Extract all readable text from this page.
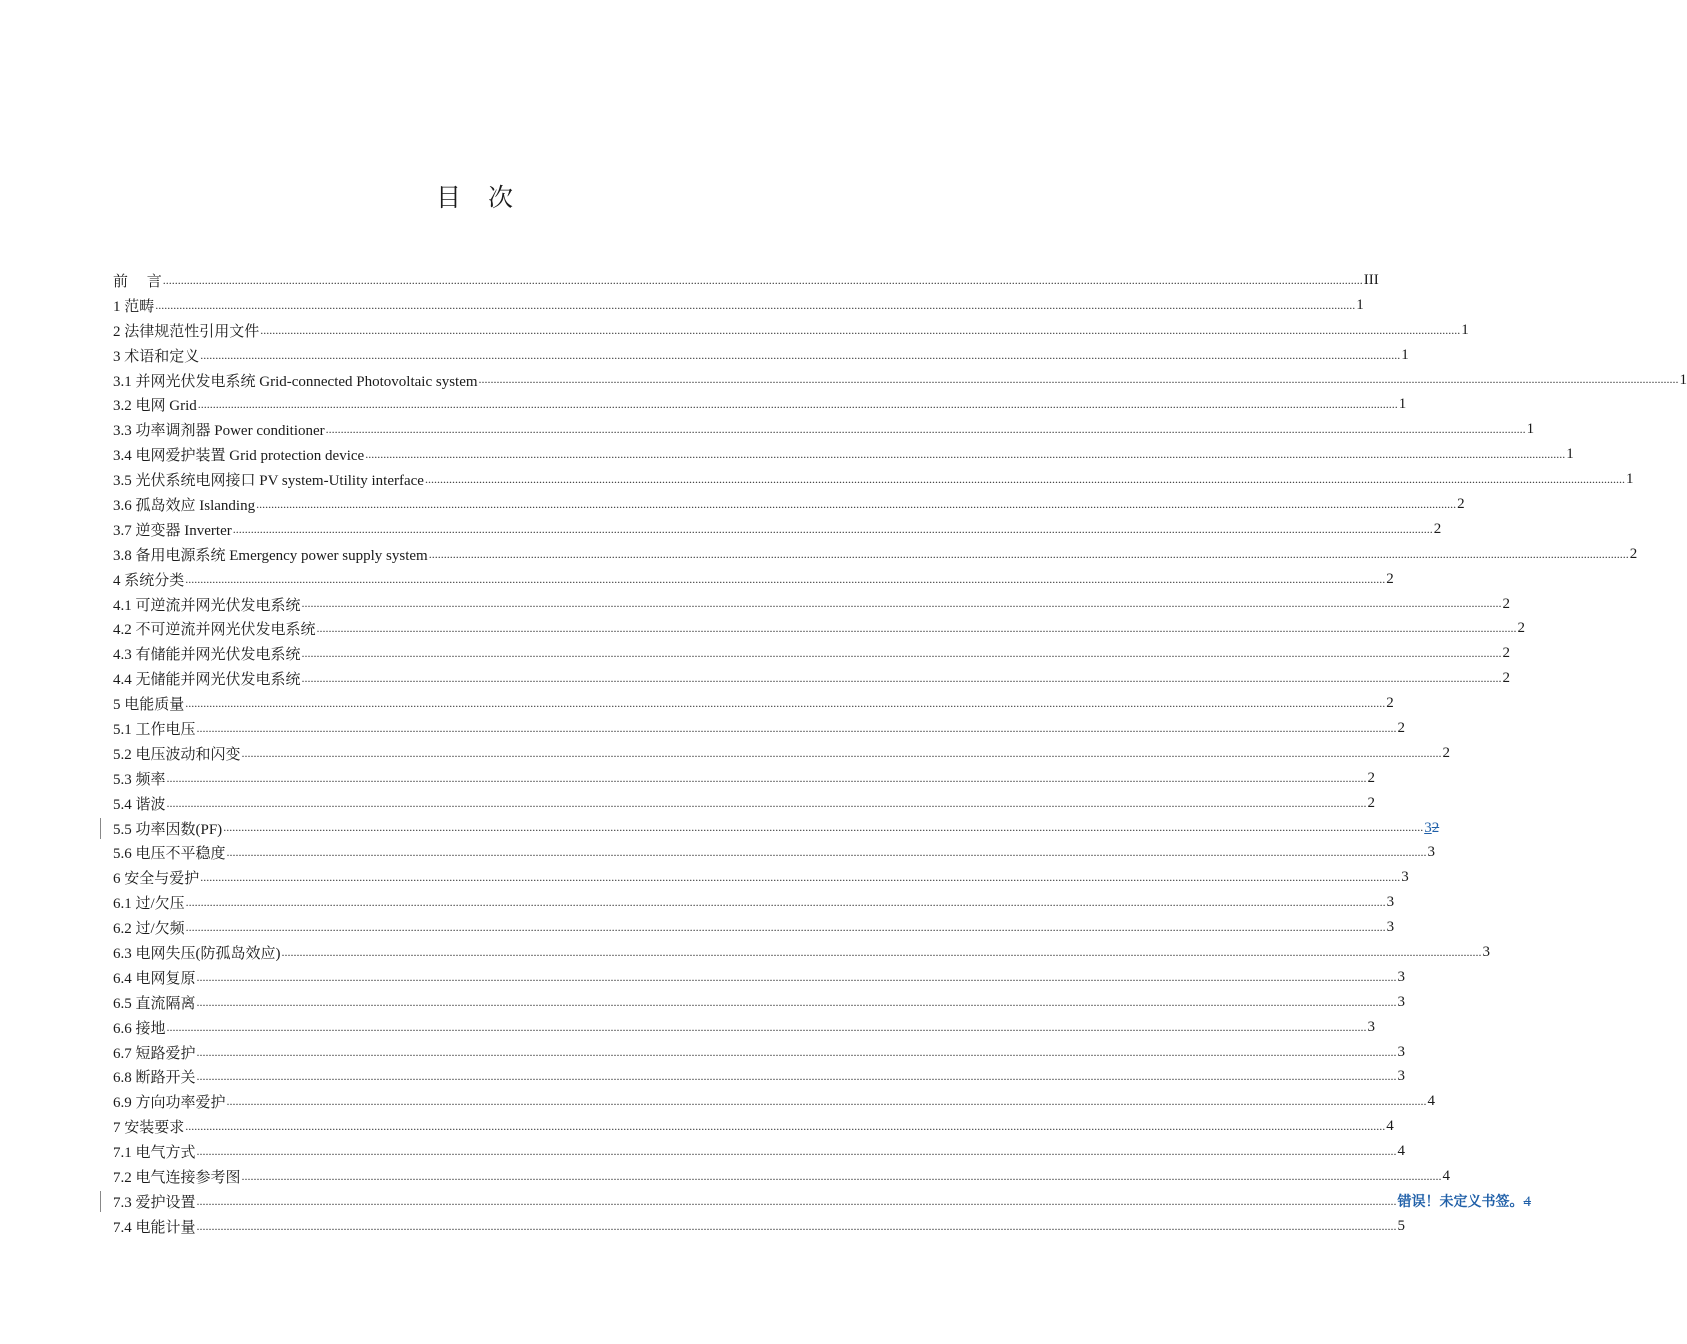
目　次
前　 言 ................................................................................................................................................................................................................................................................................................................................................................................................................ III
1 范畴 ................................................................................................................................................................................................................................................................................................................................................................................................................ 1
2 法律规范性引用文件 ................................................................................................................................................................................................................................................................................................................................................................................................................ 1
3 术语和定义 ................................................................................................................................................................................................................................................................................................................................................................................................................ 1
3.1 并网光伏发电系统 Grid-connected Photovoltaic system ................................................................................................................................................................................................................................................................................................................................................................................................................ 1
3.2 电网 Grid ................................................................................................................................................................................................................................................................................................................................................................................................................ 1
3.3 功率调剂器 Power conditioner ................................................................................................................................................................................................................................................................................................................................................................................................................ 1
3.4 电网爱护装置 Grid protection device ................................................................................................................................................................................................................................................................................................................................................................................................................ 1
3.5 光伏系统电网接口 PV system-Utility interface ................................................................................................................................................................................................................................................................................................................................................................................................................ 1
3.6 孤岛效应 Islanding ................................................................................................................................................................................................................................................................................................................................................................................................................ 2
3.7 逆变器 Inverter ................................................................................................................................................................................................................................................................................................................................................................................................................ 2
3.8 备用电源系统 Emergency power supply system ................................................................................................................................................................................................................................................................................................................................................................................................................ 2
4 系统分类 ................................................................................................................................................................................................................................................................................................................................................................................................................ 2
4.1 可逆流并网光伏发电系统 ................................................................................................................................................................................................................................................................................................................................................................................................................ 2
4.2 不可逆流并网光伏发电系统 ................................................................................................................................................................................................................................................................................................................................................................................................................ 2
4.3 有储能并网光伏发电系统 ................................................................................................................................................................................................................................................................................................................................................................................................................ 2
4.4 无储能并网光伏发电系统 ................................................................................................................................................................................................................................................................................................................................................................................................................ 2
5 电能质量 ................................................................................................................................................................................................................................................................................................................................................................................................................ 2
5.1 工作电压 ................................................................................................................................................................................................................................................................................................................................................................................................................ 2
5.2 电压波动和闪变 ................................................................................................................................................................................................................................................................................................................................................................................................................ 2
5.3 频率 ................................................................................................................................................................................................................................................................................................................................................................................................................ 2
5.4 谐波 ................................................................................................................................................................................................................................................................................................................................................................................................................ 2
5.5 功率因数(PF) ................................................................................................................................................................................................................................................................................................................................................................................................................ 32
5.6 电压不平稳度 ................................................................................................................................................................................................................................................................................................................................................................................................................ 3
6 安全与爱护 ................................................................................................................................................................................................................................................................................................................................................................................................................ 3
6.1 过/欠压 ................................................................................................................................................................................................................................................................................................................................................................................................................ 3
6.2 过/欠频 ................................................................................................................................................................................................................................................................................................................................................................................................................ 3
6.3 电网失压(防孤岛效应) ................................................................................................................................................................................................................................................................................................................................................................................................................ 3
6.4 电网复原 ................................................................................................................................................................................................................................................................................................................................................................................................................ 3
6.5 直流隔离 ................................................................................................................................................................................................................................................................................................................................................................................................................ 3
6.6 接地 ................................................................................................................................................................................................................................................................................................................................................................................................................ 3
6.7 短路爱护 ................................................................................................................................................................................................................................................................................................................................................................................................................ 3
6.8 断路开关 ................................................................................................................................................................................................................................................................................................................................................................................................................ 3
6.9 方向功率爱护 ................................................................................................................................................................................................................................................................................................................................................................................................................ 4
7 安装要求 ................................................................................................................................................................................................................................................................................................................................................................................................................ 4
7.1 电气方式 ................................................................................................................................................................................................................................................................................................................................................................................................................ 4
7.2 电气连接参考图 ................................................................................................................................................................................................................................................................................................................................................................................................................ 4
7.3 爱护设置 ................................................................................................................................................................................................................................................................................................................................................................................................................ 错误！未定义书签。4
7.4 电能计量 ................................................................................................................................................................................................................................................................................................................................................................................................................ 5
